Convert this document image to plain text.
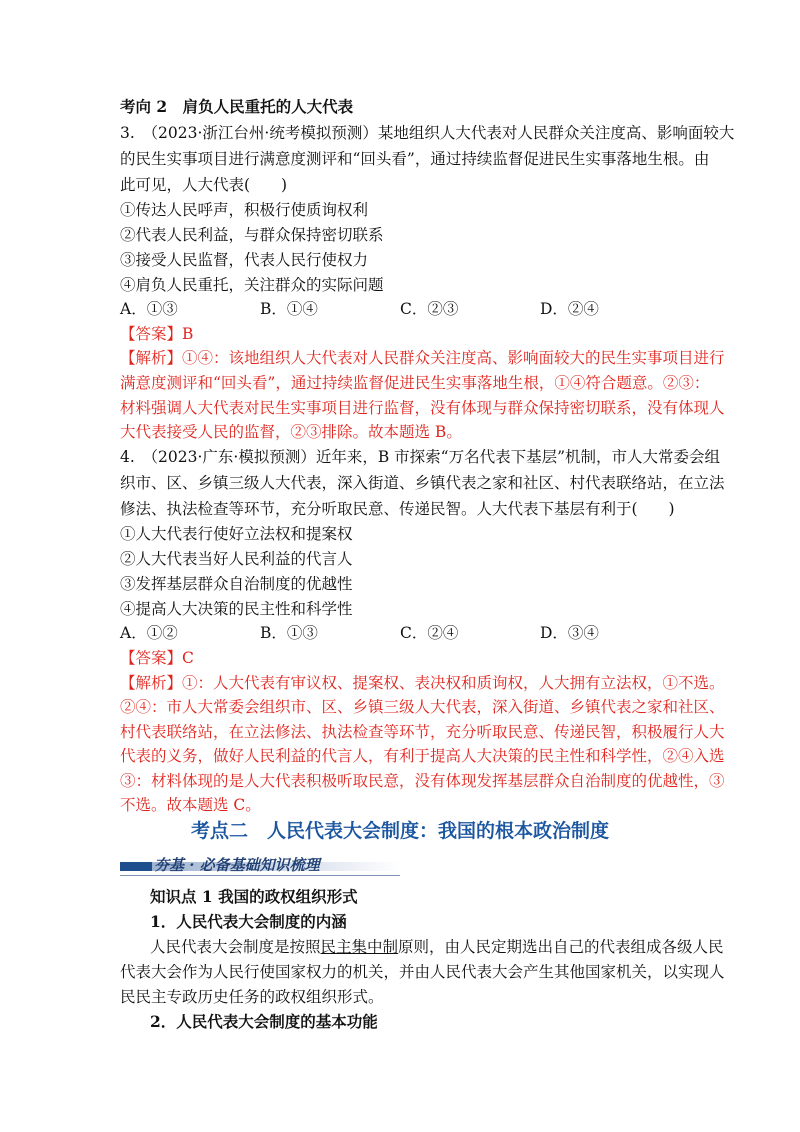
考向 2　肩负人民重托的人大代表
3.　（2023·浙江台州·统考模拟预测）某地组织人大代表对人民群众关注度高、影响面较大
的民生实事项目进行满意度测评和“回头看”，通过持续监督促进民生实事落地生根。由
此可见，人大代表(　　)
①传达人民呼声，积极行使质询权利
②代表人民利益，与群众保持密切联系
③接受人民监督，代表人民行使权力
④肩负人民重托，关注群众的实际问题
A．①③	B．①④	C．②③	D．②④
【答案】B
【解析】①④：该地组织人大代表对人民群众关注度高、影响面较大的民生实事项目进行
满意度测评和“回头看”，通过持续监督促进民生实事落地生根，①④符合题意。②③：
材料强调人大代表对民生实事项目进行监督，没有体现与群众保持密切联系，没有体现人
大代表接受人民的监督，②③排除。故本题选 B。
4.　（2023·广东·模拟预测）近年来，B 市探索“万名代表下基层”机制，市人大常委会组
织市、区、乡镇三级人大代表，深入街道、乡镇代表之家和社区、村代表联络站，在立法
修法、执法检查等环节，充分听取民意、传递民智。人大代表下基层有利于(　　)
①人大代表行使好立法权和提案权
②人大代表当好人民利益的代言人
③发挥基层群众自治制度的优越性
④提高人大决策的民主性和科学性
A．①②	B．①③	C．②④	D．③④
【答案】C
【解析】①：人大代表有审议权、提案权、表决权和质询权，人大拥有立法权，①不选。
②④：市人大常委会组织市、区、乡镇三级人大代表，深入街道、乡镇代表之家和社区、
村代表联络站，在立法修法、执法检查等环节，充分听取民意、传递民智，积极履行人大
代表的义务，做好人民利益的代言人，有利于提高人大决策的民主性和科学性，②④入选
③：材料体现的是人大代表积极听取民意，没有体现发挥基层群众自治制度的优越性，③
不选。故本题选 C。
考点二　人民代表大会制度：我国的根本政治制度
夯基 · 必备基础知识梳理
知识点 1 我国的政权组织形式
1．人民代表大会制度的内涵
人民代表大会制度是按照民主集中制原则，由人民定期选出自己的代表组成各级人民
代表大会作为人民行使国家权力的机关，并由人民代表大会产生其他国家机关，以实现人
民民主专政历史任务的政权组织形式。
2．人民代表大会制度的基本功能
